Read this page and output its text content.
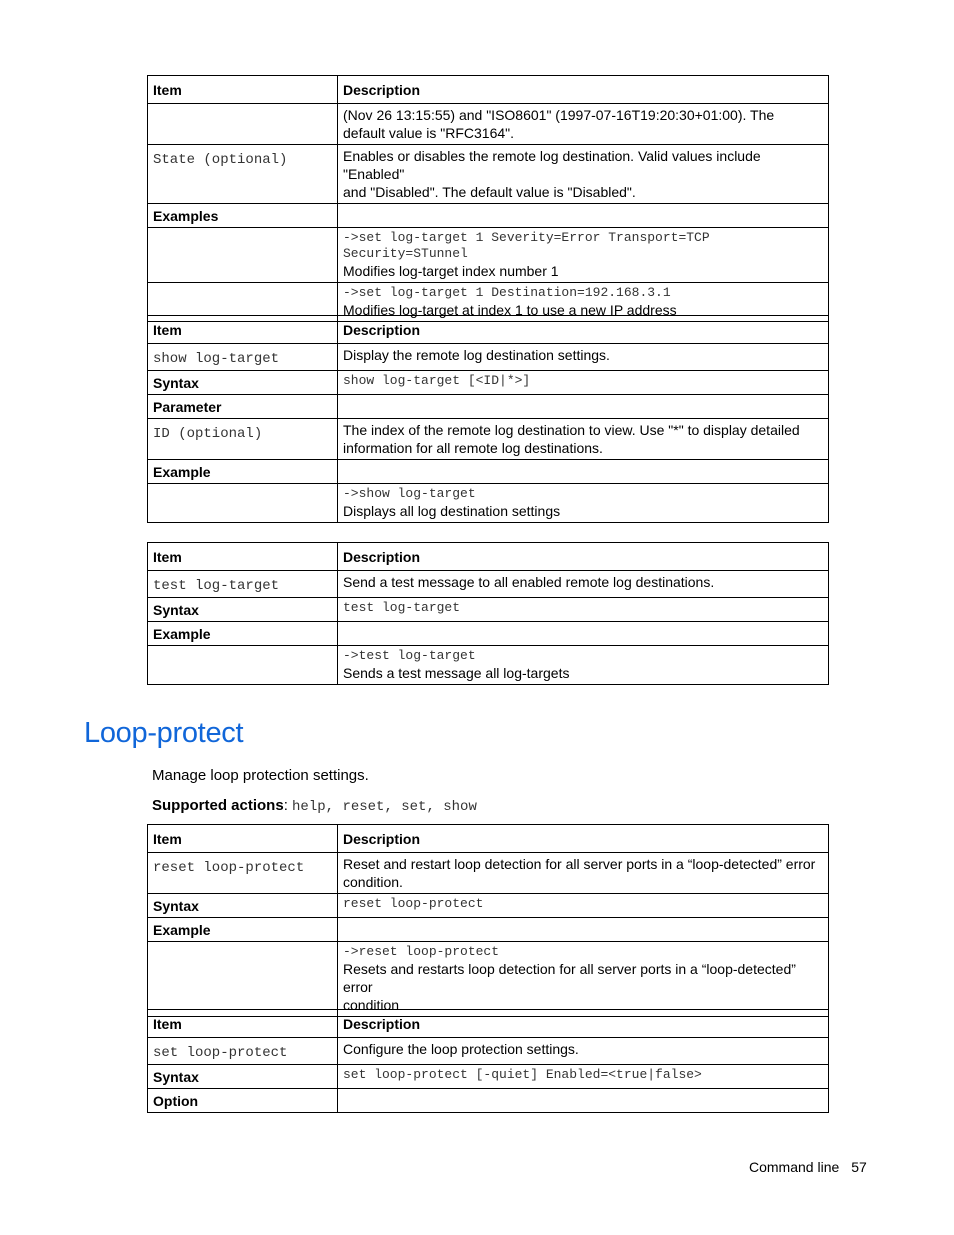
Item	Description

	(Nov 26 13:15:55) and "ISO8601" (1997-07-16T19:20:30+01:00). The
default value is "RFC3164".

State (optional)	Enables or disables the remote log destination. Valid values include "Enabled"
and "Disabled". The default value is "Disabled".

Examples	

	->set log-target 1 Severity=Error Transport=TCP
Security=STunnel
Modifies log-target index number 1

	->set log-target 1 Destination=192.168.3.1
Modifies log-target at index 1 to use a new IP address
Item	Description
show log-target	Display the remote log destination settings.

Syntax	show log-target [<ID|*>]

Parameter	
ID (optional)	The index of the remote log destination to view. Use "*" to display detailed
information for all remote log destinations.

Example	

	->show log-target
Displays all log destination settings
Item	Description
test log-target	Send a test message to all enabled remote log destinations.

Syntax	test log-target

Example	

	->test log-target
Sends a test message all log-targets
Loop-protect
Manage loop protection settings.
Supported actions: help, reset, set, show
Item	Description
reset loop-protect	Reset and restart loop detection for all server ports in a “loop-detected” error
condition.

Syntax	reset loop-protect

Example	

	->reset loop-protect
Resets and restarts loop detection for all server ports in a “loop-detected” error
condition
Item	Description
set loop-protect	Configure the loop protection settings.

Syntax	set loop-protect [-quiet] Enabled=<true|false>

Option	
Command line 57
